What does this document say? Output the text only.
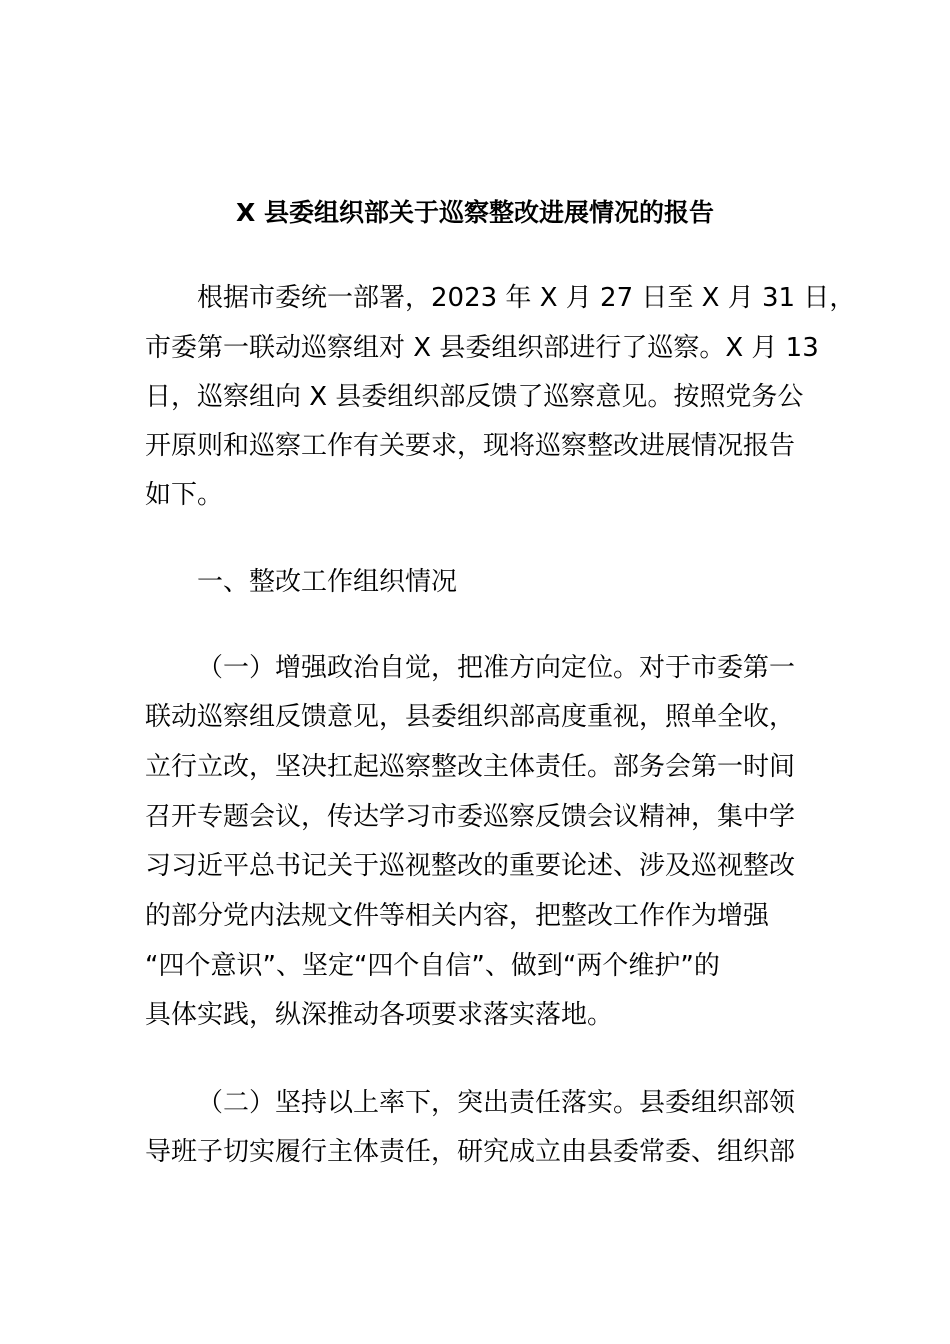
X 县委组织部关于巡察整改进展情况的报告
根据市委统一部署，2023 年 X 月 27 日至 X 月 31 日，
市委第一联动巡察组对 X 县委组织部进行了巡察。X 月 13
日，巡察组向 X 县委组织部反馈了巡察意见。按照党务公
开原则和巡察工作有关要求，现将巡察整改进展情况报告
如下。
一、整改工作组织情况
（一）增强政治自觉，把准方向定位。对于市委第一
联动巡察组反馈意见，县委组织部高度重视，照单全收，
立行立改，坚决扛起巡察整改主体责任。部务会第一时间
召开专题会议，传达学习市委巡察反馈会议精神，集中学
习习近平总书记关于巡视整改的重要论述、涉及巡视整改
的部分党内法规文件等相关内容，把整改工作作为增强
“四个意识”、坚定“四个自信”、做到“两个维护”的
具体实践，纵深推动各项要求落实落地。
（二）坚持以上率下，突出责任落实。县委组织部领
导班子切实履行主体责任，研究成立由县委常委、组织部
